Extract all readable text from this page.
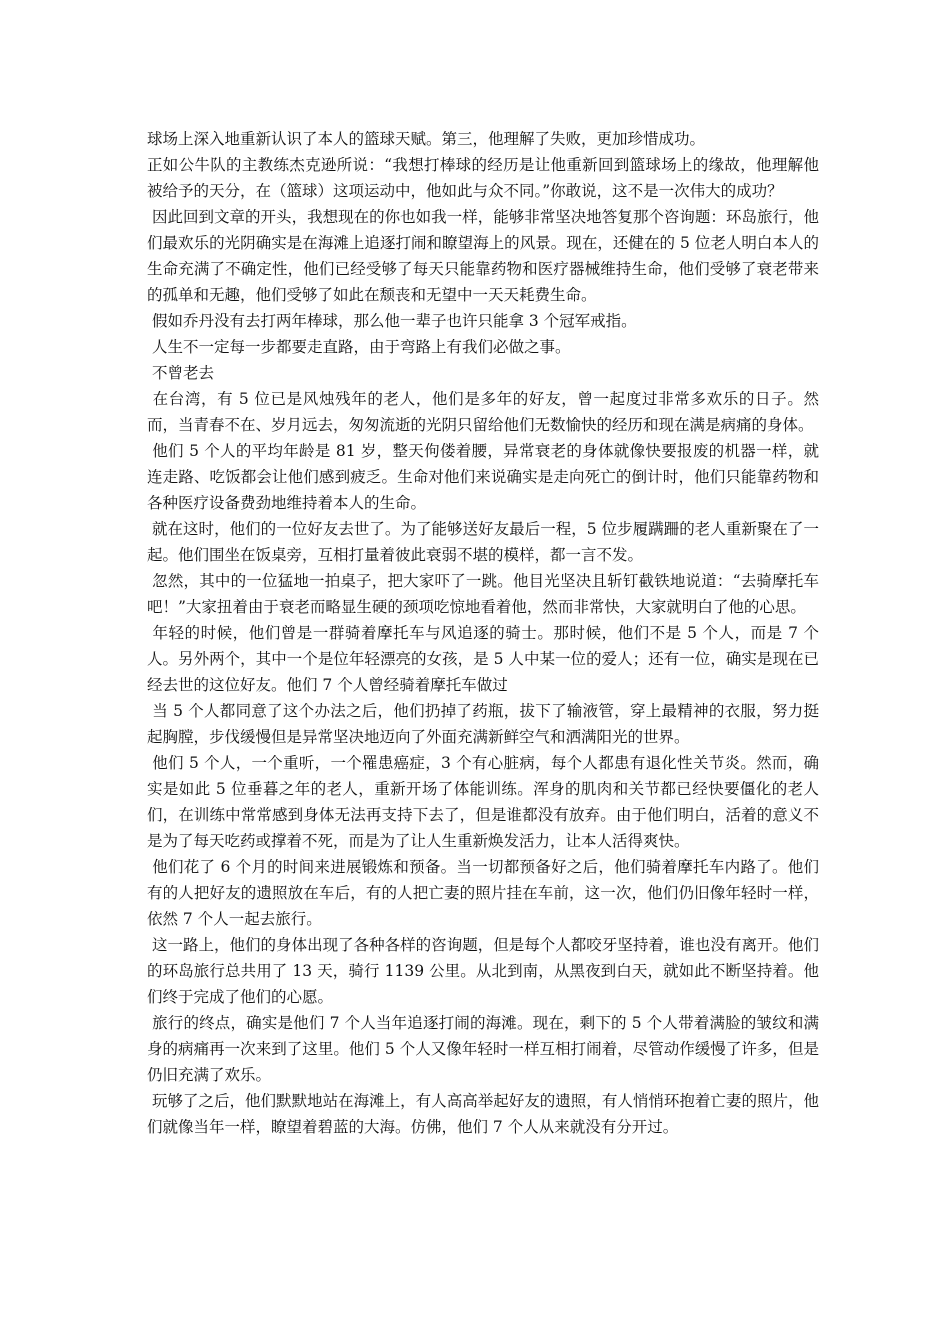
球场上深入地重新认识了本人的篮球天赋。第三，他理解了失败，更加珍惜成功。

正如公牛队的主教练杰克逊所说：“我想打棒球的经历是让他重新回到篮球场上的缘故，他理解他被给予的天分，在（篮球）这项运动中，他如此与众不同。”你敢说，这不是一次伟大的成功？

因此回到文章的开头，我想现在的你也如我一样，能够非常坚决地答复那个咨询题：环岛旅行，他们最欢乐的光阴确实是在海滩上追逐打闹和瞭望海上的风景。现在，还健在的 5 位老人明白本人的生命充满了不确定性，他们已经受够了每天只能靠药物和医疗器械维持生命，他们受够了衰老带来的孤单和无趣，他们受够了如此在颓丧和无望中一天天耗费生命。

假如乔丹没有去打两年棒球，那么他一辈子也许只能拿 3 个冠军戒指。

人生不一定每一步都要走直路，由于弯路上有我们必做之事。

不曾老去

在台湾，有 5 位已是风烛残年的老人，他们是多年的好友，曾一起度过非常多欢乐的日子。然而，当青春不在、岁月远去，匆匆流逝的光阴只留给他们无数愉快的经历和现在满是病痛的身体。

他们 5 个人的平均年龄是 81 岁，整天佝偻着腰，异常衰老的身体就像快要报废的机器一样，就连走路、吃饭都会让他们感到疲乏。生命对他们来说确实是走向死亡的倒计时，他们只能靠药物和各种医疗设备费劲地维持着本人的生命。

就在这时，他们的一位好友去世了。为了能够送好友最后一程，5 位步履蹒跚的老人重新聚在了一起。他们围坐在饭桌旁，互相打量着彼此衰弱不堪的模样，都一言不发。

忽然，其中的一位猛地一拍桌子，把大家吓了一跳。他目光坚决且斩钉截铁地说道：“去骑摩托车吧！”大家扭着由于衰老而略显生硬的颈项吃惊地看着他，然而非常快，大家就明白了他的心思。

年轻的时候，他们曾是一群骑着摩托车与风追逐的骑士。那时候，他们不是 5 个人，而是 7 个人。另外两个，其中一个是位年轻漂亮的女孩，是 5 人中某一位的爱人；还有一位，确实是现在已经去世的这位好友。他们 7 个人曾经骑着摩托车做过

当 5 个人都同意了这个办法之后，他们扔掉了药瓶，拔下了输液管，穿上最精神的衣服，努力挺起胸膛，步伐缓慢但是异常坚决地迈向了外面充满新鲜空气和洒满阳光的世界。

他们 5 个人，一个重听，一个罹患癌症，3 个有心脏病，每个人都患有退化性关节炎。然而，确实是如此 5 位垂暮之年的老人，重新开场了体能训练。浑身的肌肉和关节都已经快要僵化的老人们，在训练中常常感到身体无法再支持下去了，但是谁都没有放弃。由于他们明白，活着的意义不是为了每天吃药或撑着不死，而是为了让人生重新焕发活力，让本人活得爽快。

他们花了 6 个月的时间来进展锻炼和预备。当一切都预备好之后，他们骑着摩托车内路了。他们有的人把好友的遗照放在车后，有的人把亡妻的照片挂在车前，这一次，他们仍旧像年轻时一样，依然 7 个人一起去旅行。

这一路上，他们的身体出现了各种各样的咨询题，但是每个人都咬牙坚持着，谁也没有离开。他们的环岛旅行总共用了 13 天，骑行 1139 公里。从北到南，从黑夜到白天，就如此不断坚持着。他们终于完成了他们的心愿。

旅行的终点，确实是他们 7 个人当年追逐打闹的海滩。现在，剩下的 5 个人带着满脸的皱纹和满身的病痛再一次来到了这里。他们 5 个人又像年轻时一样互相打闹着，尽管动作缓慢了许多，但是仍旧充满了欢乐。

玩够了之后，他们默默地站在海滩上，有人高高举起好友的遗照，有人悄悄环抱着亡妻的照片，他们就像当年一样，瞭望着碧蓝的大海。仿佛，他们 7 个人从来就没有分开过。
